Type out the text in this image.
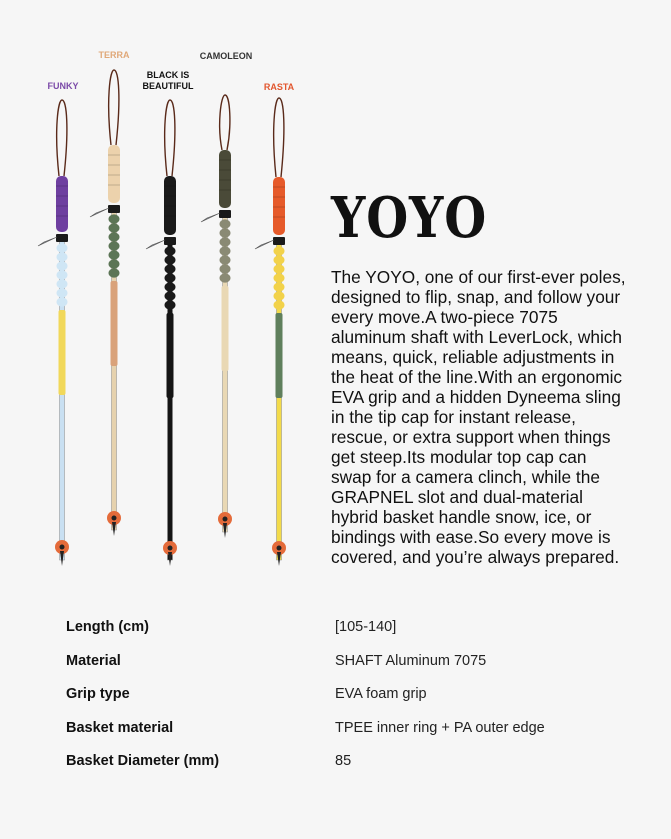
FUNKY
TERRA
BLACK IS
BEAUTIFUL
CAMOLEON
RASTA
YOYO
The YOYO, one of our first-ever poles, designed to flip, snap, and follow your every move.A two-piece 7075 aluminum shaft with LeverLock, which means, quick, reliable adjustments in the heat of the line.With an ergonomic EVA grip and a hidden Dyneema sling in the tip cap for instant release, rescue, or extra support when things get steep.Its modular top cap can swap for a camera clinch, while the GRAPNEL slot and dual-material hybrid basket handle snow, ice, or bindings with ease.So every move is covered, and you’re always prepared.
Length (cm)	[105-140]
Material	SHAFT Aluminum 7075
Grip type	EVA foam grip
Basket material	TPEE inner ring + PA outer edge
Basket Diameter (mm)	85
